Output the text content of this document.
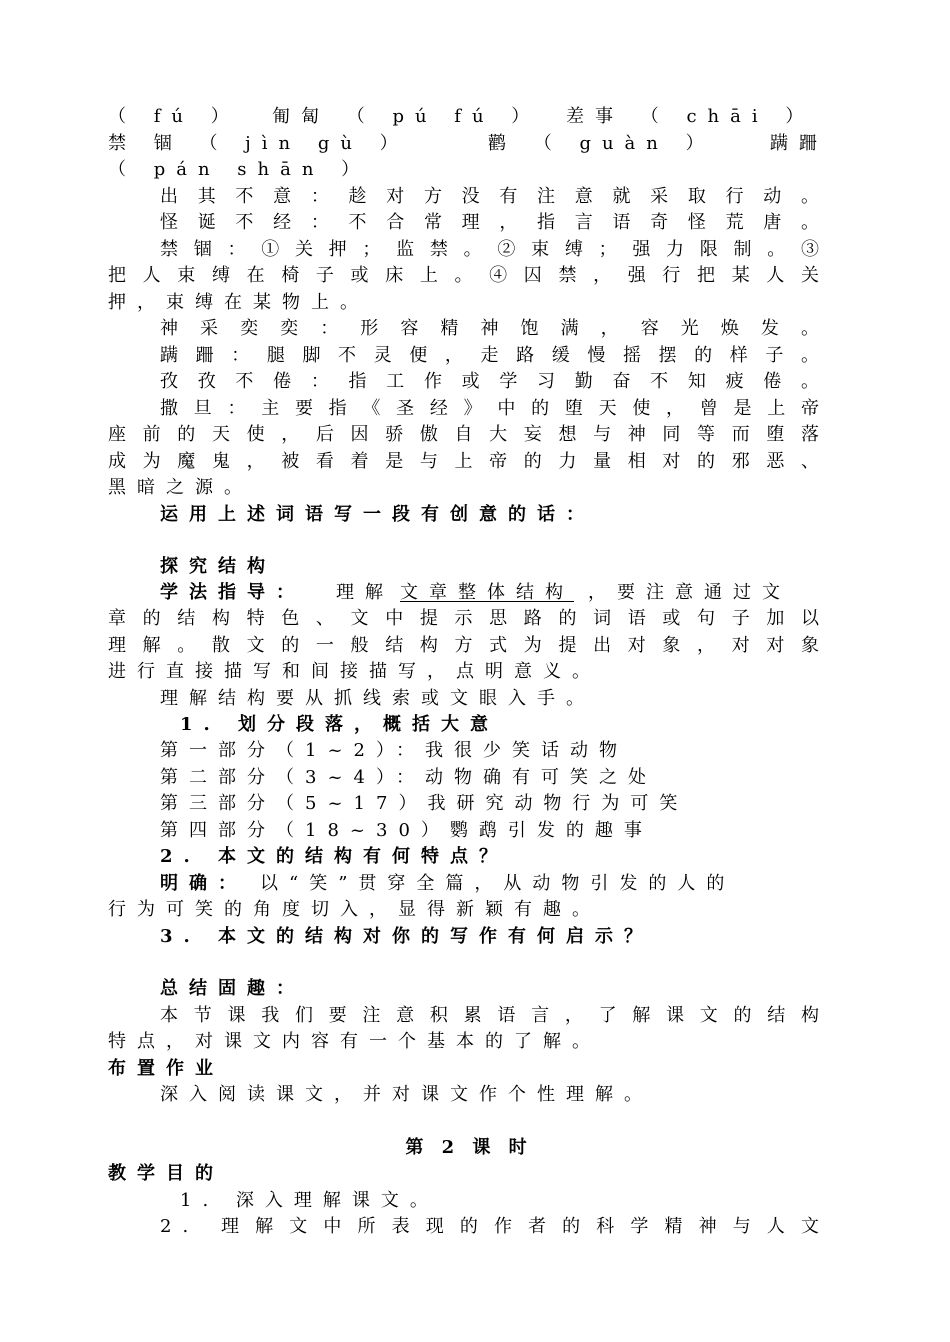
（ fú ） 匍匐 （ pú fú ） 差事 （ chāi ）
禁 锢 （ jìn gù ）	鹳 （ guàn ）	蹒跚
（ pán shān ）
出其不意：趁对方没有注意就采取行动。
怪诞不经：不合常理，指言语奇怪荒唐。
禁锢：①关押；监禁。②束缚；强力限制。③
把人束缚在椅子或床上。④囚禁，强行把某人关
押，束缚在某物上。
神采奕奕：形容精神饱满，容光焕发。
蹒跚：腿脚不灵便，走路缓慢摇摆的样子。
孜孜不倦：指工作或学习勤奋不知疲倦。
撒旦：主要指《圣经》中的堕天使，曾是上帝
座前的天使，后因骄傲自大妄想与神同等而堕落
成为魔鬼，被看着是与上帝的力量相对的邪恶、
黑暗之源。
运用上述词语写一段有创意的话：
探究结构
学法指导： 理解 文章整体结构 ，要注意通过文
章的结构特色、文中提示思路的词语或句子加以
理解。散文的一般结构方式为提出对象，对对象
进行直接描写和间接描写，点明意义。
理解结构要从抓线索或文眼入手。
1. 划分段落，概括大意
第一部分（1~2）：我很少笑话动物
第二部分（3~4）：动物确有可笑之处
第三部分（5~17）我研究动物行为可笑
第四部分（18~30）鹦鹉引发的趣事
2. 本文的结构有何特点？
明确： 以“笑”贯穿全篇，从动物引发的人的
行为可笑的角度切入，显得新颖有趣。
3. 本文的结构对你的写作有何启示？
总结固趣：
本节课我们要注意积累语言，了解课文的结构
特点，对课文内容有一个基本的了解。
布置作业
深入阅读课文，并对课文作个性理解。
第 2 课 时
教学目的
1. 深入理解课文。
2. 理解文中所表现的作者的科学精神与人文
